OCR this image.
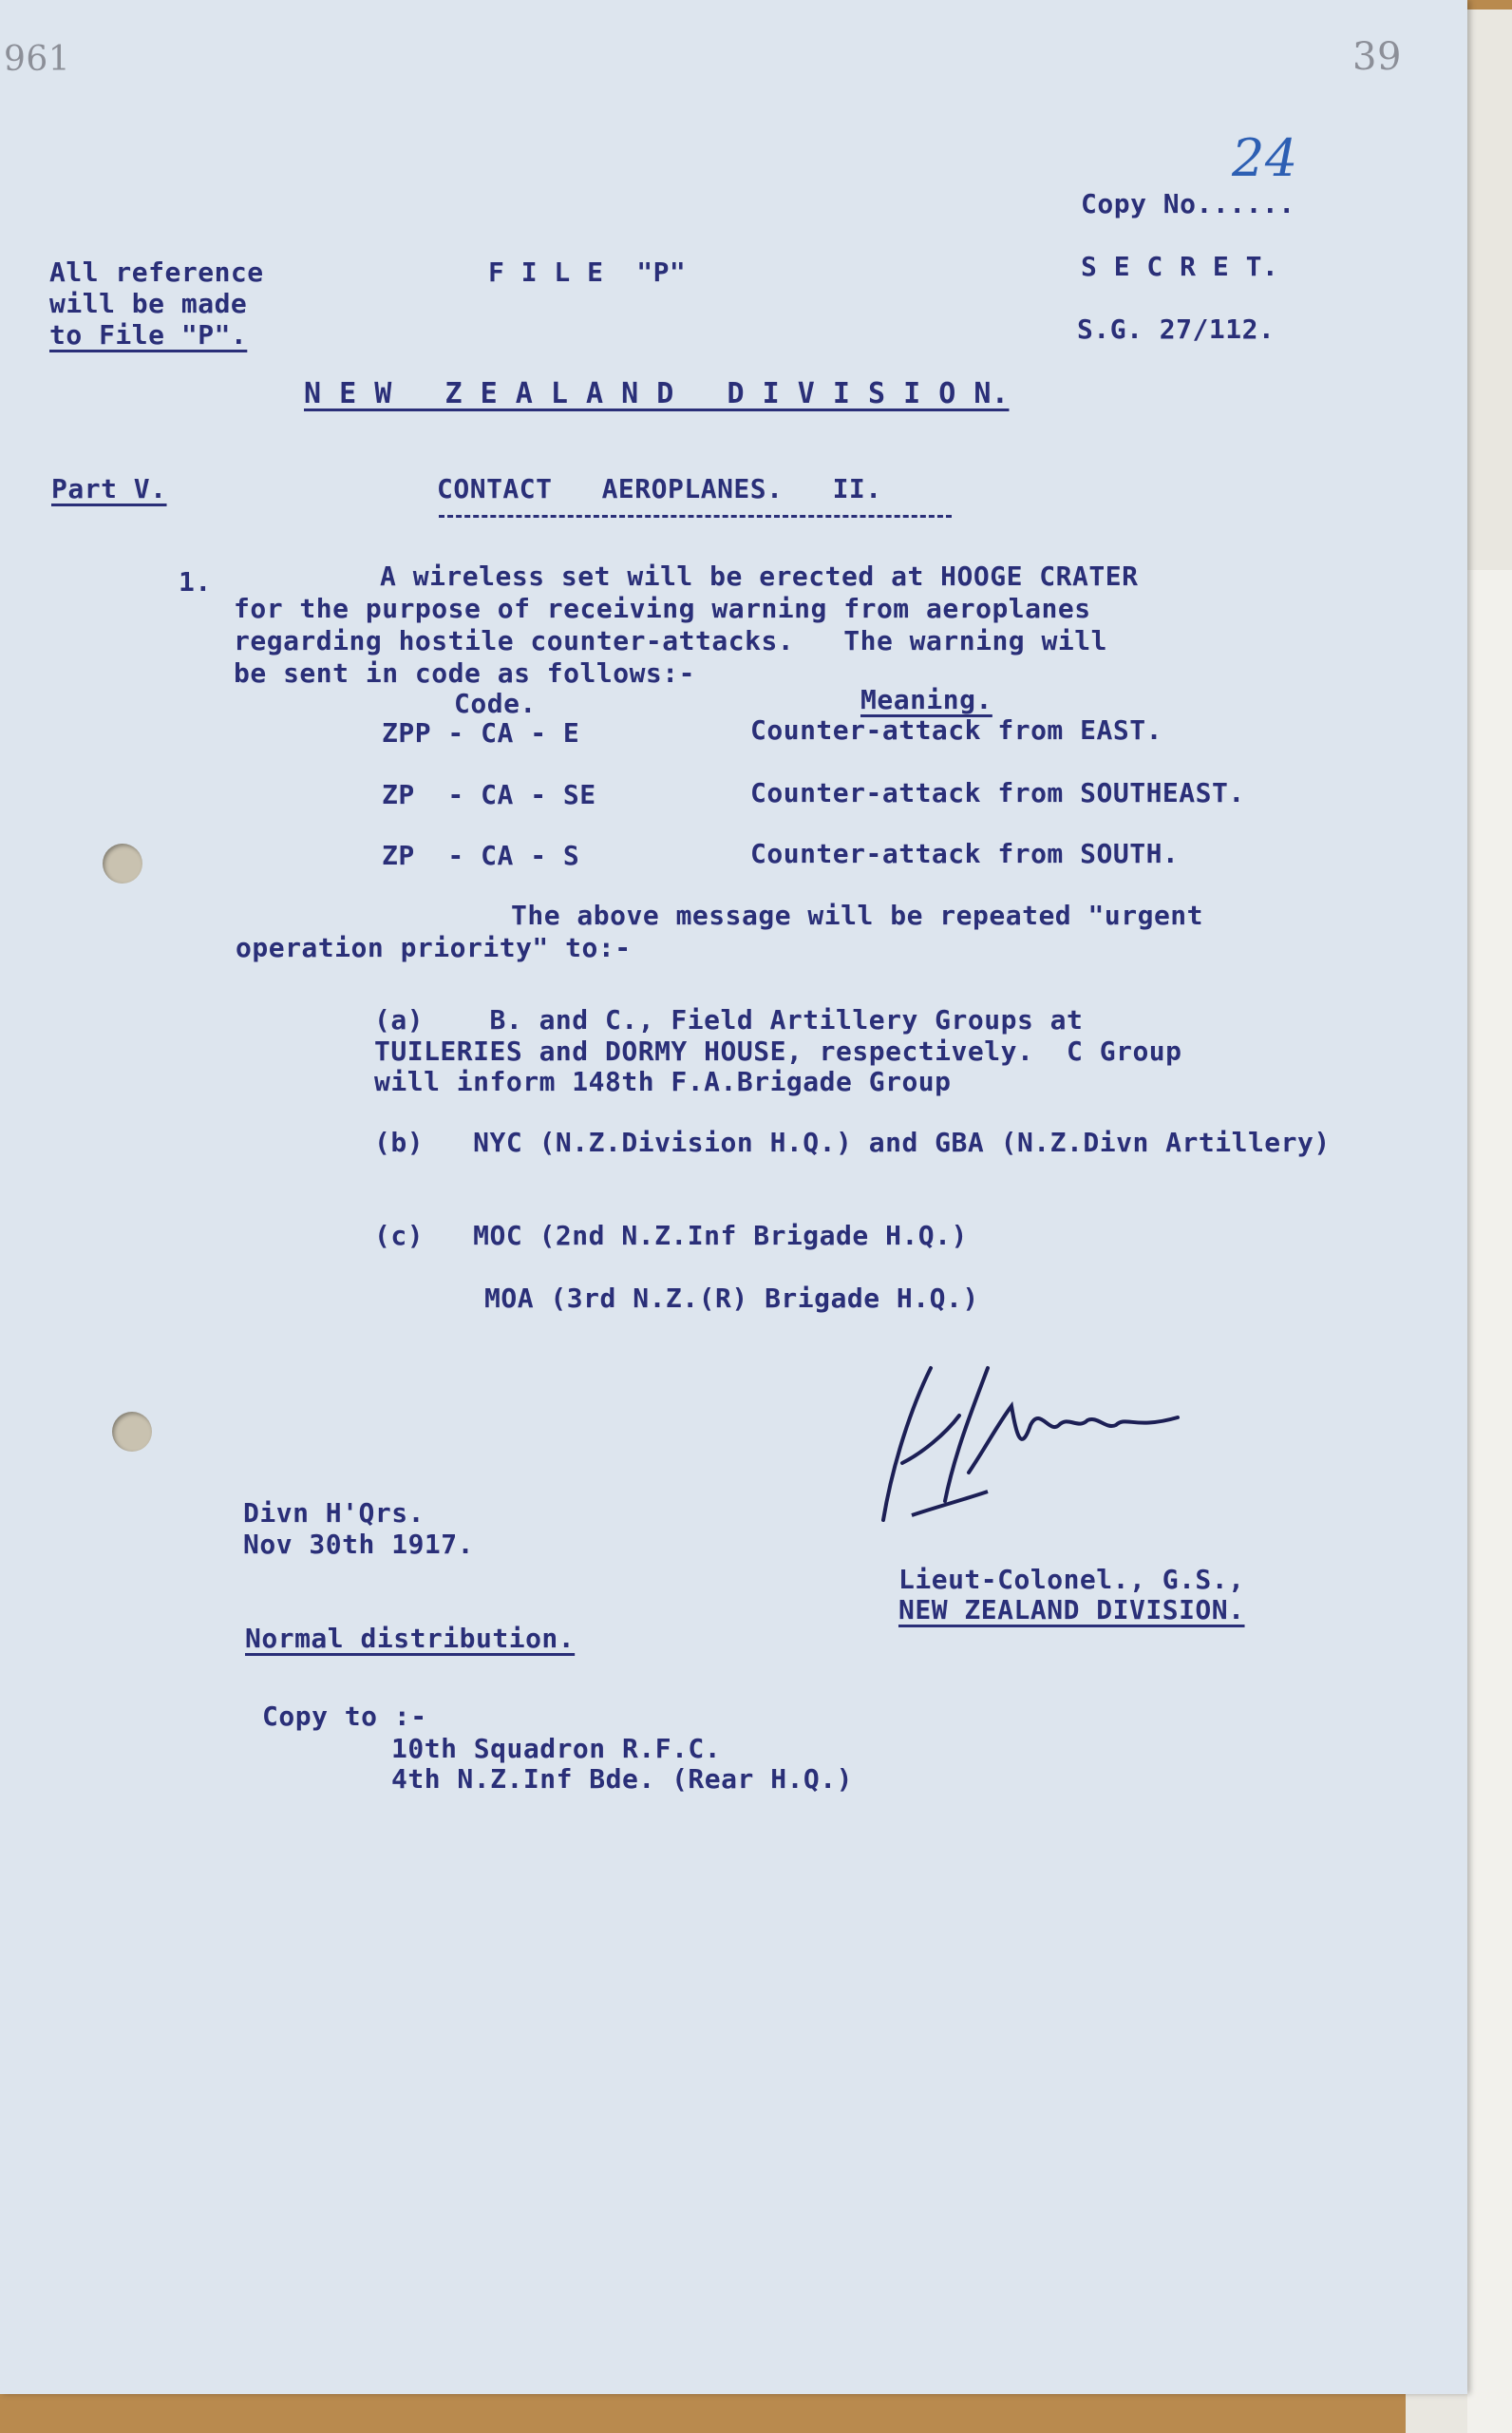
961	39
Copy No......
24
All reference
will be made
to File "P".
F I L E  "P"	S E C R E T.
S.G. 27/112.
N E W   Z E A L A N D   D I V I S I O N.
Part V.	CONTACT   AEROPLANES.   II.
1.	A wireless set will be erected at HOOGE CRATER
for the purpose of receiving warning from aeroplanes
regarding hostile counter-attacks.   The warning will
be sent in code as follows:-
Code.	Meaning.
ZPP - CA - E	Counter-attack from EAST.
ZP  - CA - SE	Counter-attack from SOUTHEAST.
ZP  - CA - S	Counter-attack from SOUTH.
The above message will be repeated "urgent
operation priority" to:-
(a)    B. and C., Field Artillery Groups at
TUILERIES and DORMY HOUSE, respectively.  C Group
will inform 148th F.A.Brigade Group
(b)   NYC (N.Z.Division H.Q.) and GBA (N.Z.Divn Artillery)
(c)   MOC (2nd N.Z.Inf Brigade H.Q.)
MOA (3rd N.Z.(R) Brigade H.Q.)
Divn H'Qrs.
Nov 30th 1917.
Lieut-Colonel., G.S.,
NEW ZEALAND DIVISION.
Normal distribution.
Copy to :-
10th Squadron R.F.C.
4th N.Z.Inf Bde. (Rear H.Q.)
